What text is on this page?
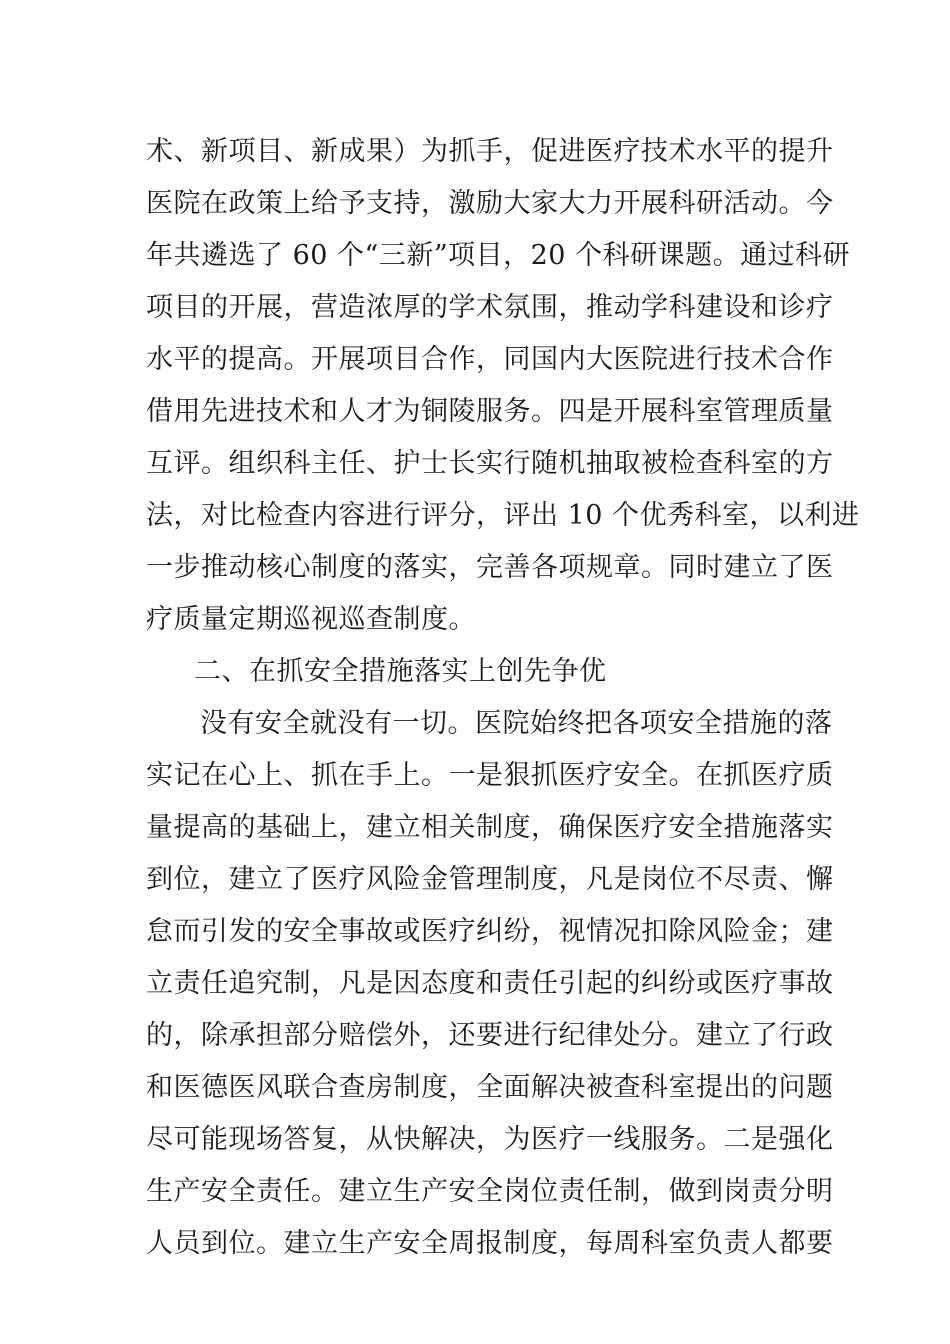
术、新项目、新成果）为抓手，促进医疗技术水平的提升
医院在政策上给予支持，激励大家大力开展科研活动。今
年共遴选了 60 个“三新”项目，20 个科研课题。通过科研
项目的开展，营造浓厚的学术氛围，推动学科建设和诊疗
水平的提高。开展项目合作，同国内大医院进行技术合作
借用先进技术和人才为铜陵服务。四是开展科室管理质量
互评。组织科主任、护士长实行随机抽取被检查科室的方
法，对比检查内容进行评分，评出 10 个优秀科室，以利进
一步推动核心制度的落实，完善各项规章。同时建立了医
疗质量定期巡视巡查制度。
二、在抓安全措施落实上创先争优
没有安全就没有一切。医院始终把各项安全措施的落
实记在心上、抓在手上。一是狠抓医疗安全。在抓医疗质
量提高的基础上，建立相关制度，确保医疗安全措施落实
到位，建立了医疗风险金管理制度，凡是岗位不尽责、懈
怠而引发的安全事故或医疗纠纷，视情况扣除风险金；建
立责任追究制，凡是因态度和责任引起的纠纷或医疗事故
的，除承担部分赔偿外，还要进行纪律处分。建立了行政
和医德医风联合查房制度，全面解决被查科室提出的问题
尽可能现场答复，从快解决，为医疗一线服务。二是强化
生产安全责任。建立生产安全岗位责任制，做到岗责分明
人员到位。建立生产安全周报制度，每周科室负责人都要
